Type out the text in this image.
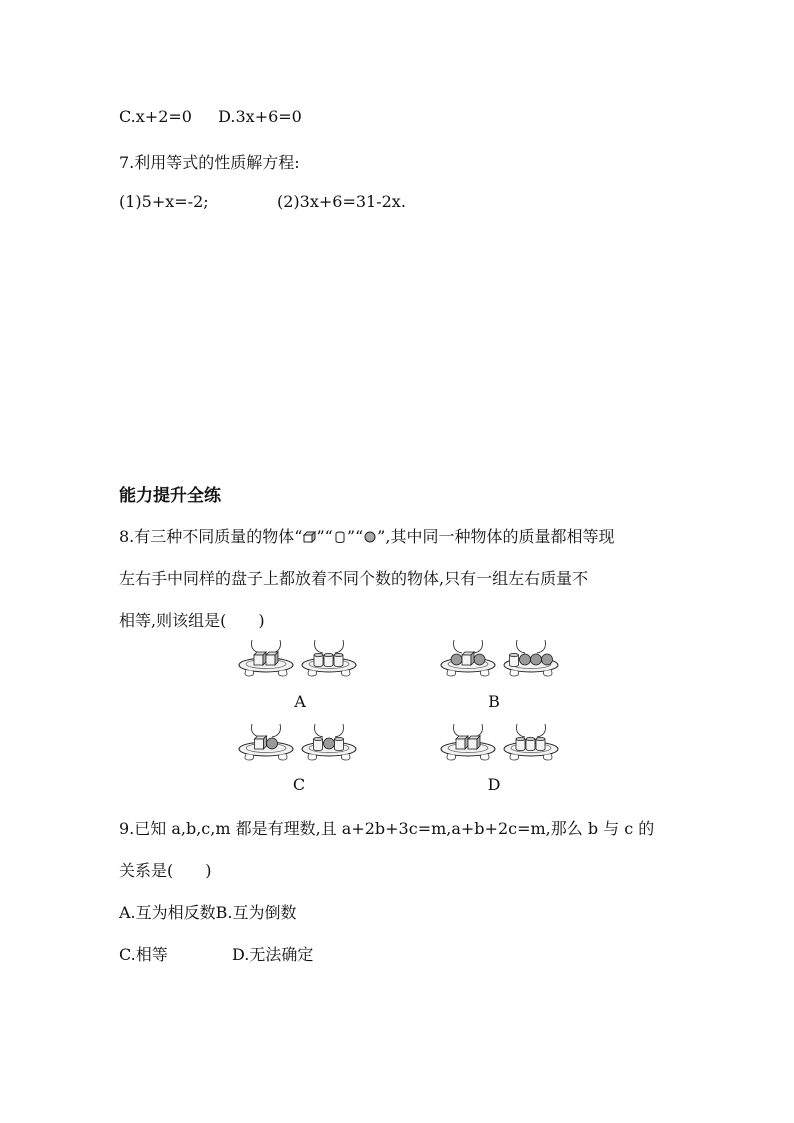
C.x+2=0 D.3x+6=0
7.利用等式的性质解方程:
(1)5+x=-2;	(2)3x+6=31-2x.
能力提升全练
8.有三种不同质量的物体“ ”“ ”“ ”,其中同一种物体的质量都相等现
左右手中同样的盘子上都放着不同个数的物体,只有一组左右质量不
相等,则该组是(　　)
A	B
C	D
9.已知 a,b,c,m 都是有理数,且 a+2b+3c=m,a+b+2c=m,那么 b 与 c 的
关系是(　　)
A.互为相反数B.互为倒数
C.相等	D.无法确定
